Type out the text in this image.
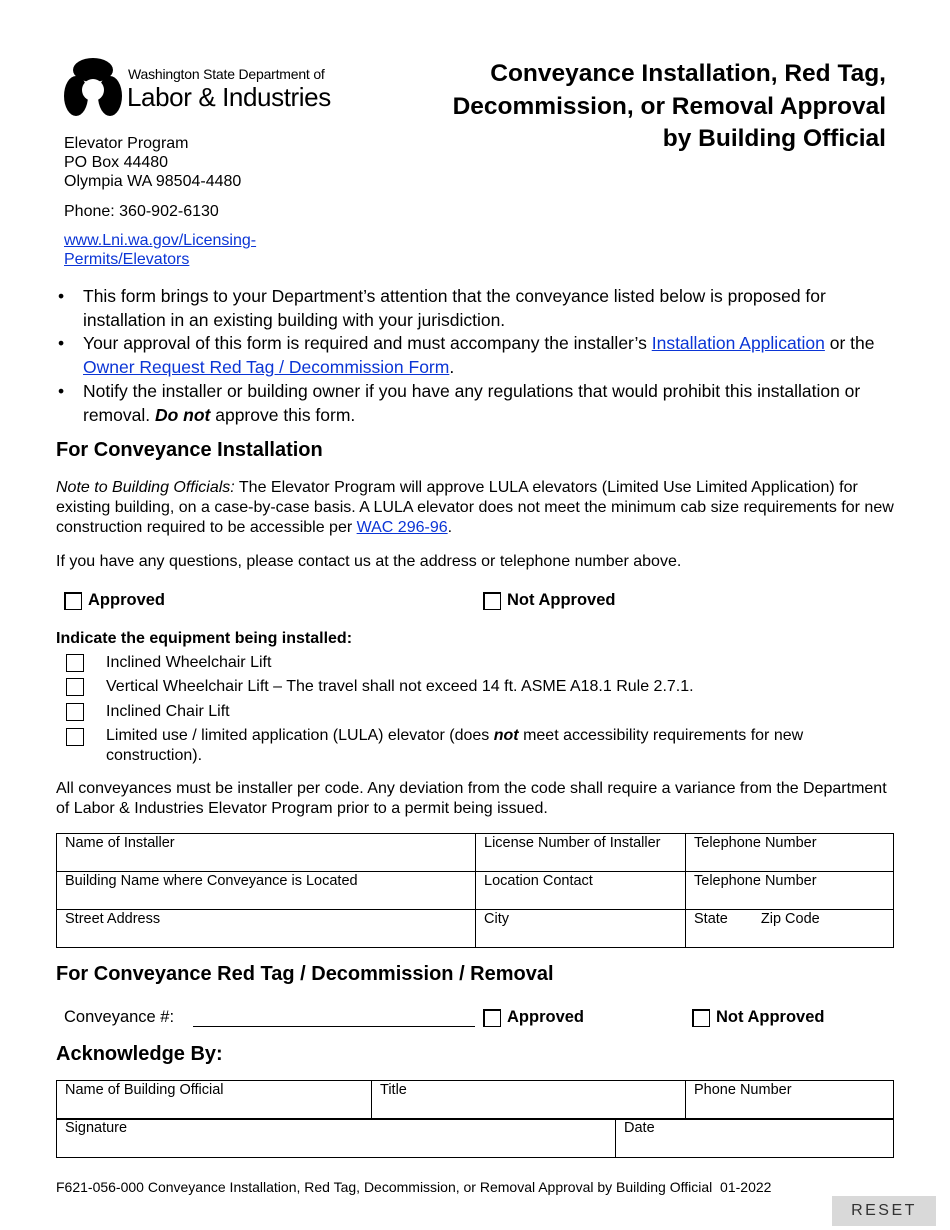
Washington State Department of
Labor & Industries
Elevator Program
PO Box 44480
Olympia WA 98504-4480
Phone: 360-902-6130
www.Lni.wa.gov/Licensing-
Permits/Elevators
Conveyance Installation, Red Tag,
Decommission, or Removal Approval
by Building Official
• This form brings to your Department’s attention that the conveyance listed below is proposed for installation in an existing building with your jurisdiction.
• Your approval of this form is required and must accompany the installer’s Installation Application or the Owner Request Red Tag / Decommission Form.
• Notify the installer or building owner if you have any regulations that would prohibit this installation or removal. Do not approve this form.
For Conveyance Installation
Note to Building Officials: The Elevator Program will approve LULA elevators (Limited Use Limited Application) for existing building, on a case-by-case basis. A LULA elevator does not meet the minimum cab size requirements for new construction required to be accessible per WAC 296-96.
If you have any questions, please contact us at the address or telephone number above.
Approved	Not Approved
Indicate the equipment being installed:
Inclined Wheelchair Lift
Vertical Wheelchair Lift – The travel shall not exceed 14 ft. ASME A18.1 Rule 2.7.1.
Inclined Chair Lift
Limited use / limited application (LULA) elevator (does not meet accessibility requirements for new construction).
All conveyances must be installer per code. Any deviation from the code shall require a variance from the Department of Labor & Industries Elevator Program prior to a permit being issued.
Name of Installer	License Number of Installer	Telephone Number
Building Name where Conveyance is Located	Location Contact	Telephone Number
Street Address	City	State Zip Code
For Conveyance Red Tag / Decommission / Removal
Conveyance #:	Approved	Not Approved
Acknowledge By:
Name of Building Official	Title	Phone Number
Signature	Date
F621-056-000 Conveyance Installation, Red Tag, Decommission, or Removal Approval by Building Official  01-2022
RESET
